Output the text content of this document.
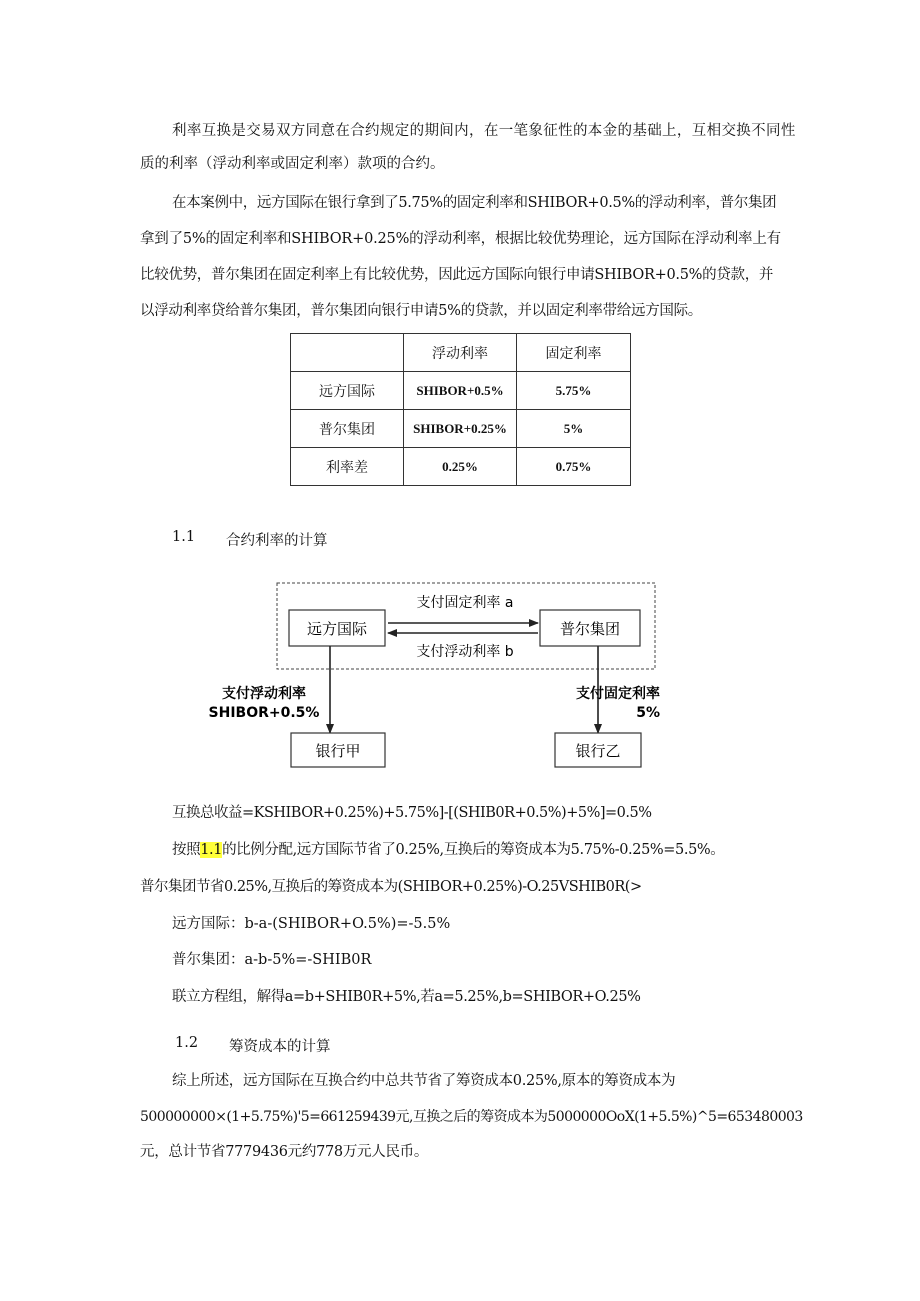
利率互换是交易双方同意在合约规定的期间内，在一笔象征性的本金的基础上，互相交换不同性
质的利率（浮动利率或固定利率）款项的合约。
在本案例中，远方国际在银行拿到了5.75%的固定利率和SHIBOR+0.5%的浮动利率，普尔集团
拿到了5%的固定利率和SHIBOR+0.25%的浮动利率，根据比较优势理论，远方国际在浮动利率上有
比较优势，普尔集团在固定利率上有比较优势，因此远方国际向银行申请SHIBOR+0.5%的贷款，并
以浮动利率贷给普尔集团，普尔集团向银行申请5%的贷款，并以固定利率带给远方国际。
	浮动利率	固定利率
远方国际	SHIBOR+0.5%	5.75%
普尔集团	SHIBOR+0.25%	5%
利率差	0.25%	0.75%
1.1 合约利率的计算
远方国际	普尔集团
支付固定利率 a
支付浮动利率 b
支付浮动利率
SHIBOR+0.5%
支付固定利率
5%
银行甲	银行乙
互换总收益=KSHIBOR+0.25%)+5.75%]-[(SHIB0R+0.5%)+5%]=0.5%
按照1.1的比例分配,远方国际节省了0.25%,互换后的筹资成本为5.75%-0.25%=5.5%。
普尔集团节省0.25%,互换后的筹资成本为(SHIBOR+0.25%)-O.25VSHIB0R(>
远方国际：b-a-(SHIBOR+O.5%)=-5.5%
普尔集团：a-b-5%=-SHIB0R
联立方程组，解得a=b+SHIB0R+5%,若a=5.25%,b=SHIBOR+O.25%
1.2 筹资成本的计算
综上所述，远方国际在互换合约中总共节省了筹资成本0.25%,原本的筹资成本为
500000000×(1+5.75%)'5=661259439元,互换之后的筹资成本为5000000OoX(1+5.5%)^5=653480003
元，总计节省7779436元约778万元人民币。
